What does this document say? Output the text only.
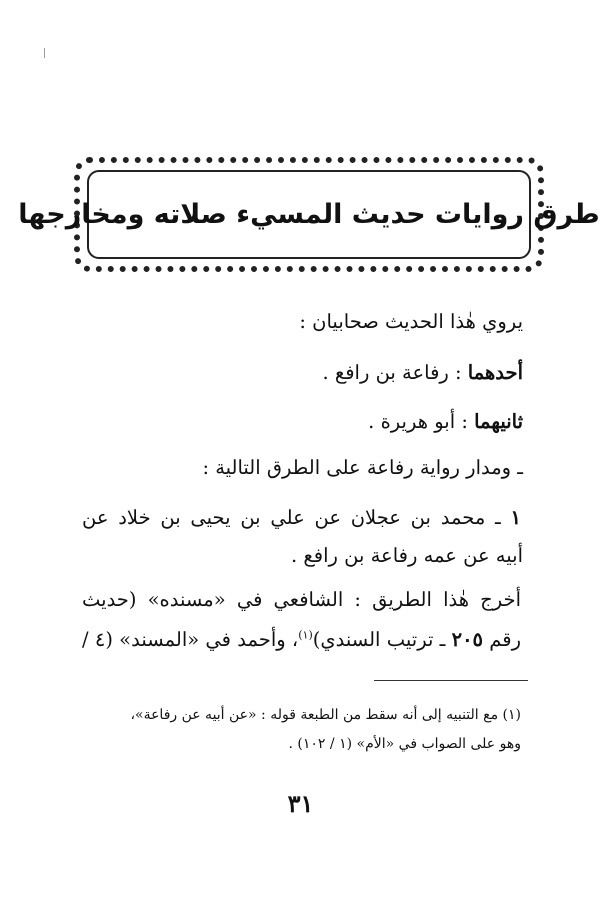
طرق روايات حديث المسيء صلاته ومخارجها
يروي هٰذا الحديث صحابيان :
أحدهما : رفاعة بن رافع .
ثانيهما : أبو هريرة .
ـ ومدار رواية رفاعة على الطرق التالية :
١ ـ محمد بن عجلان عن علي بن يحيى بن خلاد عن
أبيه عن عمه رفاعة بن رافع .
أخرج هٰذا الطريق : الشافعي في «مسنده» (حديث
رقم ٢٠٥ ـ ترتيب السندي)$^{(١)}$، وأحمد في «المسند» (٤ /
(١) مع التنبيه إلى أنه سقط من الطبعة قوله : «عن أبيه عن رفاعة»،
وهو على الصواب في «الأم» (١ / ١٠٢) .
٣١
